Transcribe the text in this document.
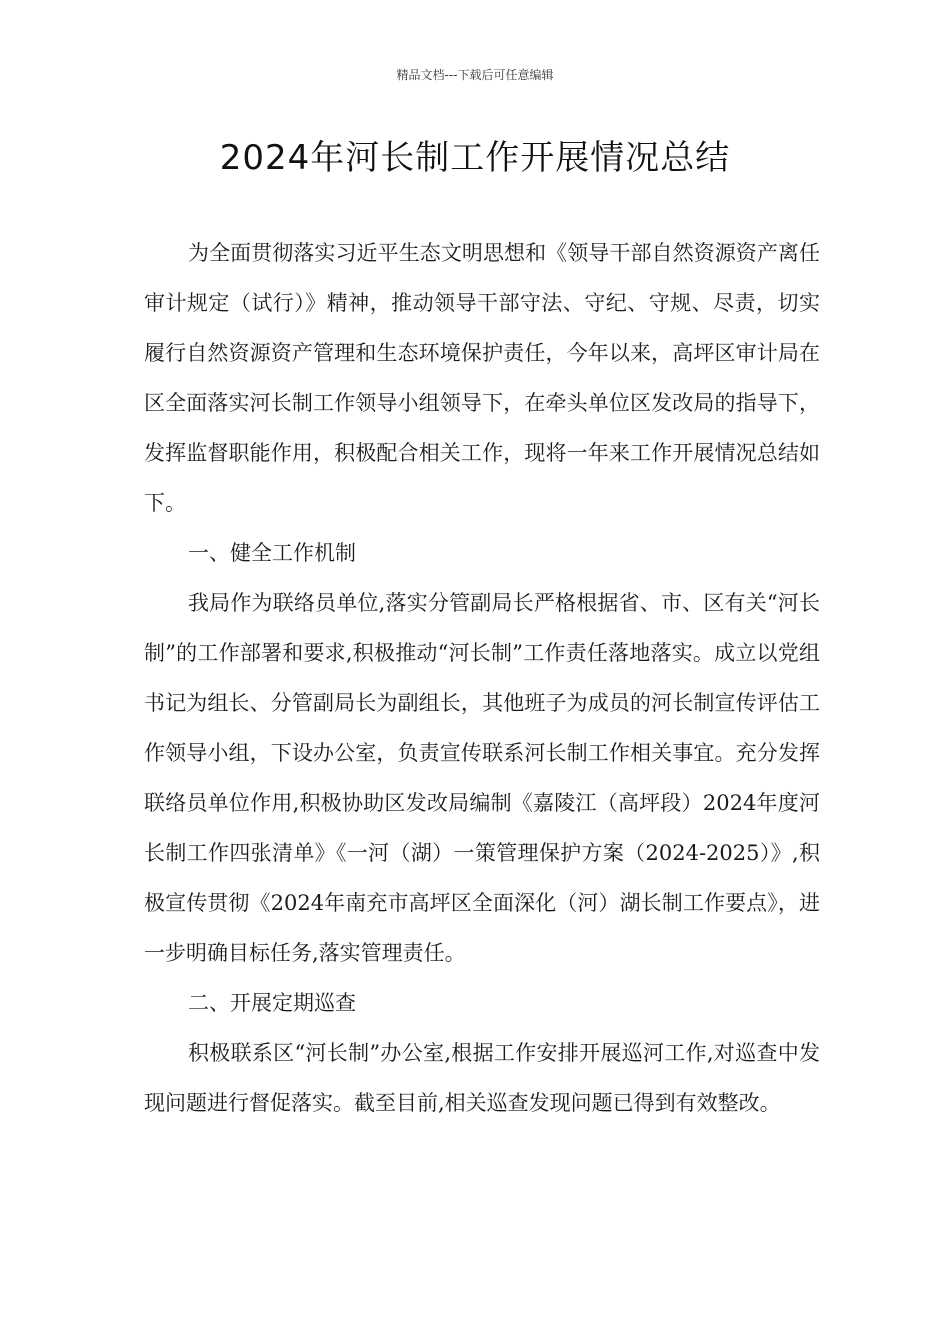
精品文档---下载后可任意编辑
2024年河长制工作开展情况总结

为全面贯彻落实习近平生态文明思想和《领导干部自然资源资产离任审计规定（试行）》精神，推动领导干部守法、守纪、守规、尽责，切实履行自然资源资产管理和生态环境保护责任，今年以来，高坪区审计局在区全面落实河长制工作领导小组领导下，在牵头单位区发改局的指导下，发挥监督职能作用，积极配合相关工作，现将一年来工作开展情况总结如下。

一、健全工作机制

我局作为联络员单位,落实分管副局长严格根据省、市、区有关“河长制”的工作部署和要求,积极推动“河长制”工作责任落地落实。成立以党组书记为组长、分管副局长为副组长，其他班子为成员的河长制宣传评估工作领导小组，下设办公室，负责宣传联系河长制工作相关事宜。充分发挥联络员单位作用,积极协助区发改局编制《嘉陵江（高坪段）2024年度河长制工作四张清单》《一河（湖）一策管理保护方案（2024-2025）》,积极宣传贯彻《2024年南充市高坪区全面深化（河）湖长制工作要点》，进一步明确目标任务,落实管理责任。

二、开展定期巡查

积极联系区“河长制”办公室,根据工作安排开展巡河工作,对巡查中发现问题进行督促落实。截至目前,相关巡查发现问题已得到有效整改。
